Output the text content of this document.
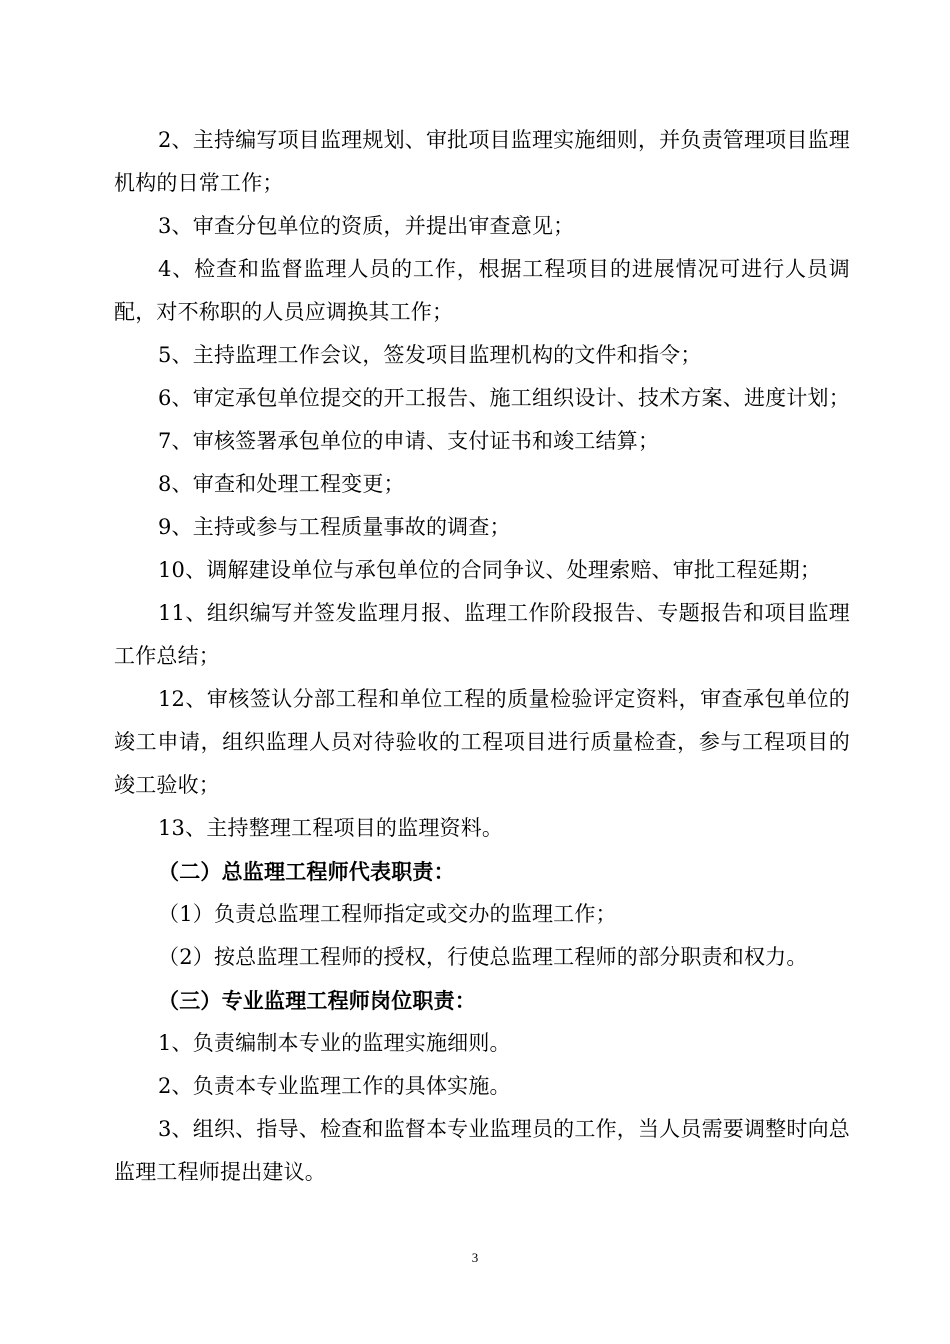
2、主持编写项目监理规划、审批项目监理实施细则，并负责管理项目监理机构的日常工作；

3、审查分包单位的资质，并提出审查意见；

4、检查和监督监理人员的工作，根据工程项目的进展情况可进行人员调配，对不称职的人员应调换其工作；

5、主持监理工作会议，签发项目监理机构的文件和指令；

6、审定承包单位提交的开工报告、施工组织设计、技术方案、进度计划；

7、审核签署承包单位的申请、支付证书和竣工结算；

8、审查和处理工程变更；

9、主持或参与工程质量事故的调查；

10、调解建设单位与承包单位的合同争议、处理索赔、审批工程延期；

11、组织编写并签发监理月报、监理工作阶段报告、专题报告和项目监理工作总结；

12、审核签认分部工程和单位工程的质量检验评定资料，审查承包单位的竣工申请，组织监理人员对待验收的工程项目进行质量检查，参与工程项目的竣工验收；

13、主持整理工程项目的监理资料。

（二）总监理工程师代表职责：

（1）负责总监理工程师指定或交办的监理工作；

（2）按总监理工程师的授权，行使总监理工程师的部分职责和权力。

（三）专业监理工程师岗位职责：

1、负责编制本专业的监理实施细则。

2、负责本专业监理工作的具体实施。

3、组织、指导、检查和监督本专业监理员的工作，当人员需要调整时向总监理工程师提出建议。

3
